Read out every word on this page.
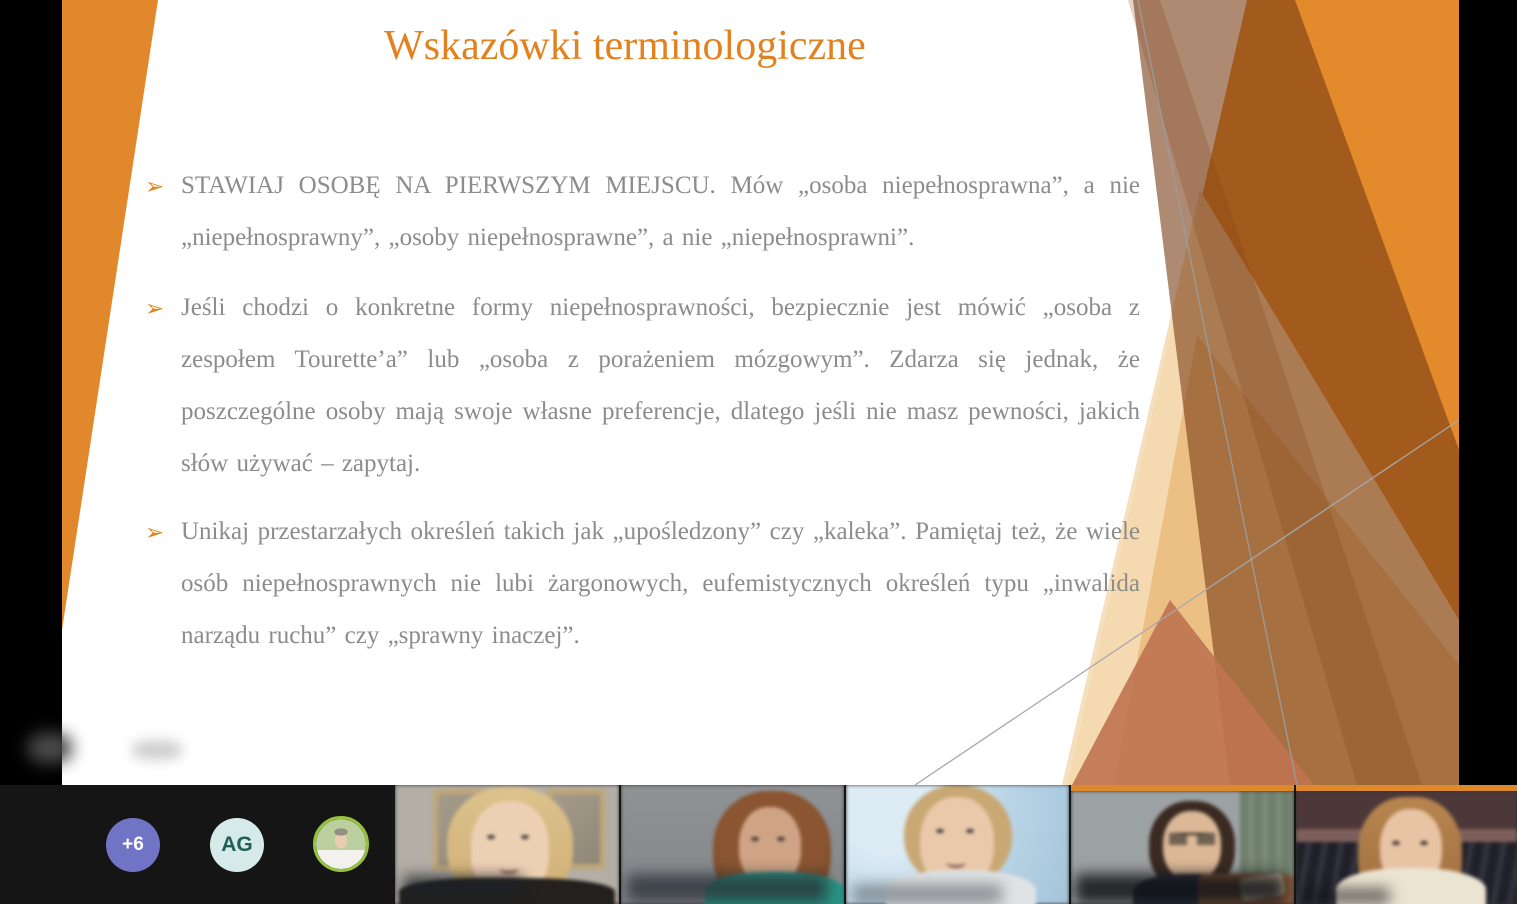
Wskazówki terminologiczne
➢ STAWIAJ OSOBĘ NA PIERWSZYM MIEJSCU. Mów „osoba niepełnosprawna”, a nie „niepełnosprawny”, „osoby niepełnosprawne”, a nie „niepełnosprawni”.

➢ Jeśli chodzi o konkretne formy niepełnosprawności, bezpiecznie jest mówić „osoba z zespołem Tourette’a” lub „osoba z porażeniem mózgowym”. Zdarza się jednak, że poszczególne osoby mają swoje własne preferencje, dlatego jeśli nie masz pewności, jakich słów używać – zapytaj.

➢ Unikaj przestarzałych określeń takich jak „upośledzony” czy „kaleka”. Pamiętaj też, że wiele osób niepełnosprawnych nie lubi żargonowych, eufemistycznych określeń typu „inwalida narządu ruchu” czy „sprawny inaczej”.

+6	AG
